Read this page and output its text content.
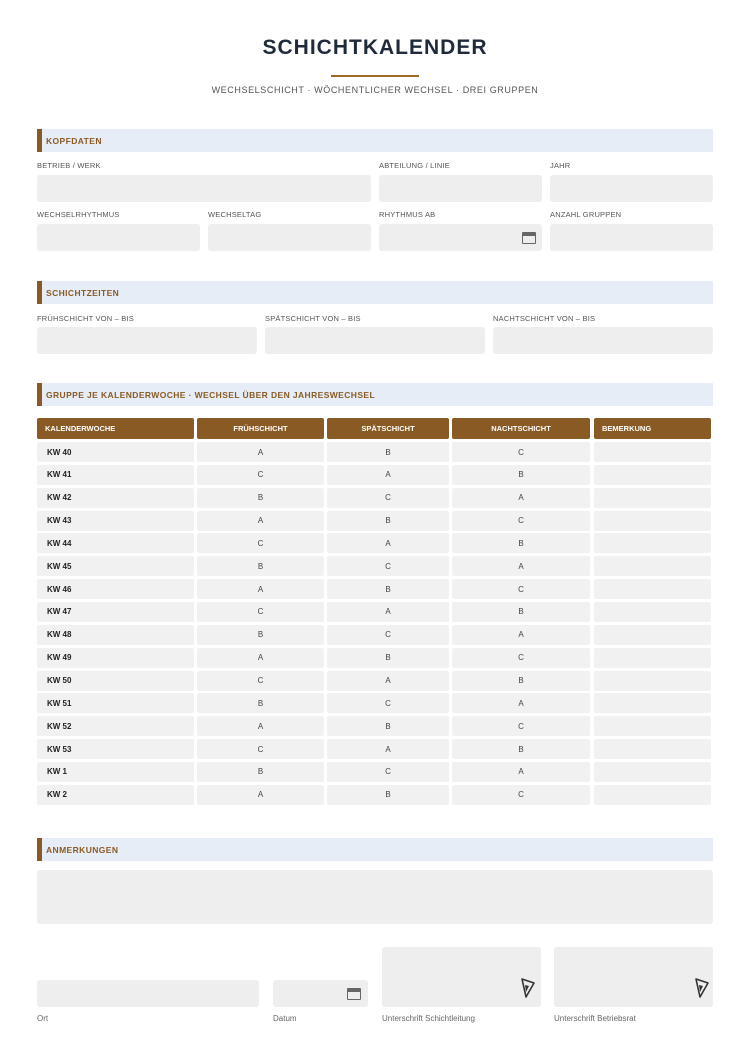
SCHICHTKALENDER
WECHSELSCHICHT · WÖCHENTLICHER WECHSEL · DREI GRUPPEN
KOPFDATEN
BETRIEB / WERK	ABTEILUNG / LINIE	JAHR
WECHSELRHYTHMUS	WECHSELTAG	RHYTHMUS AB	ANZAHL GRUPPEN
SCHICHTZEITEN
FRÜHSCHICHT VON – BIS	SPÄTSCHICHT VON – BIS	NACHTSCHICHT VON – BIS
GRUPPE JE KALENDERWOCHE · WECHSEL ÜBER DEN JAHRESWECHSEL
KALENDERWOCHE	FRÜHSCHICHT	SPÄTSCHICHT	NACHTSCHICHT	BEMERKUNG
KW 40	A	B	C
KW 41	C	A	B
KW 42	B	C	A
KW 43	A	B	C
KW 44	C	A	B
KW 45	B	C	A
KW 46	A	B	C
KW 47	C	A	B
KW 48	B	C	A
KW 49	A	B	C
KW 50	C	A	B
KW 51	B	C	A
KW 52	A	B	C
KW 53	C	A	B
KW 1	B	C	A
KW 2	A	B	C
ANMERKUNGEN
Ort	Datum	Unterschrift Schichtleitung	Unterschrift Betriebsrat
